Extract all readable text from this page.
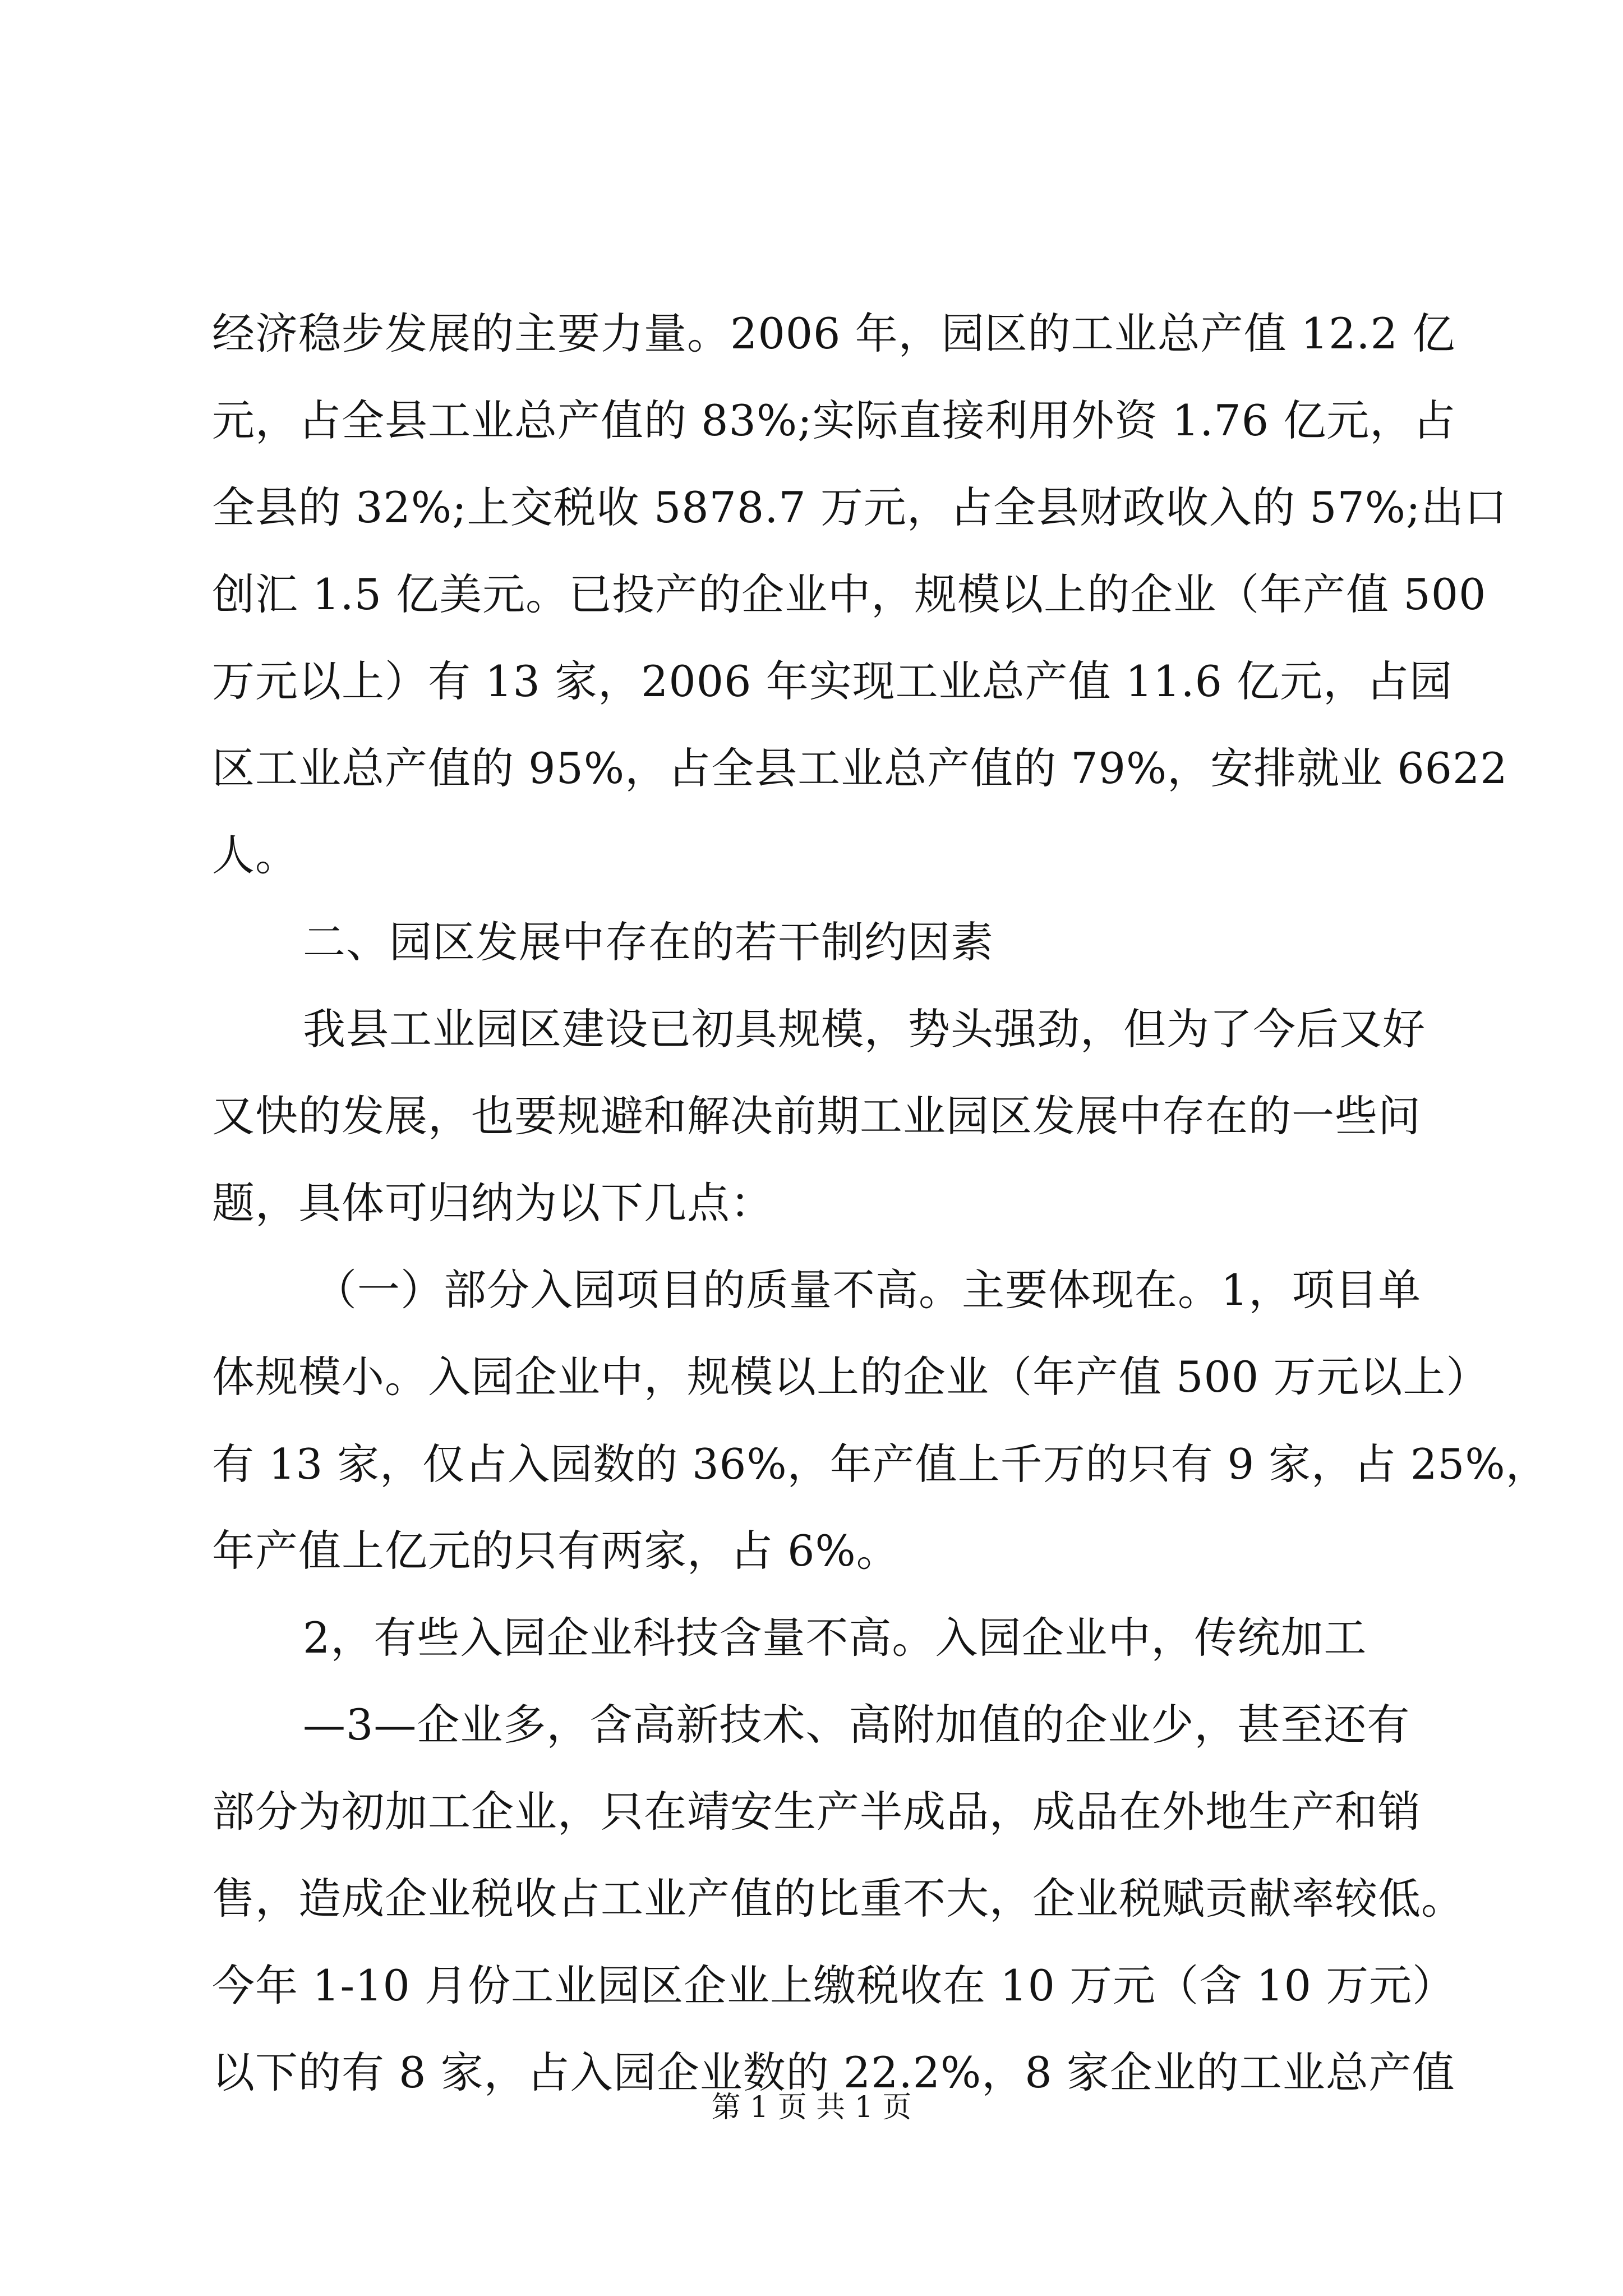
经济稳步发展的主要力量。2006 年，园区的工业总产值 12.2 亿
元，占全县工业总产值的 83%;实际直接利用外资 1.76 亿元，占
全县的 32%;上交税收 5878.7 万元，占全县财政收入的 57%;出口
创汇 1.5 亿美元。已投产的企业中，规模以上的企业（年产值 500
万元以上）有 13 家，2006 年实现工业总产值 11.6 亿元，占园
区工业总产值的 95%，占全县工业总产值的 79%，安排就业 6622
人。
二、园区发展中存在的若干制约因素
我县工业园区建设已初具规模，势头强劲，但为了今后又好
又快的发展，也要规避和解决前期工业园区发展中存在的一些问
题，具体可归纳为以下几点：
（一）部分入园项目的质量不高。主要体现在。1，项目单
体规模小。入园企业中，规模以上的企业（年产值 500 万元以上）
有 13 家，仅占入园数的 36%，年产值上千万的只有 9 家，占 25%，
年产值上亿元的只有两家，占 6%。
2，有些入园企业科技含量不高。入园企业中，传统加工
—3—企业多，含高新技术、高附加值的企业少，甚至还有
部分为初加工企业，只在靖安生产半成品，成品在外地生产和销
售，造成企业税收占工业产值的比重不大，企业税赋贡献率较低。
今年 1-10 月份工业园区企业上缴税收在 10 万元（含 10 万元）
以下的有 8 家，占入园企业数的 22.2%，8 家企业的工业总产值
第 1 页 共 1 页
